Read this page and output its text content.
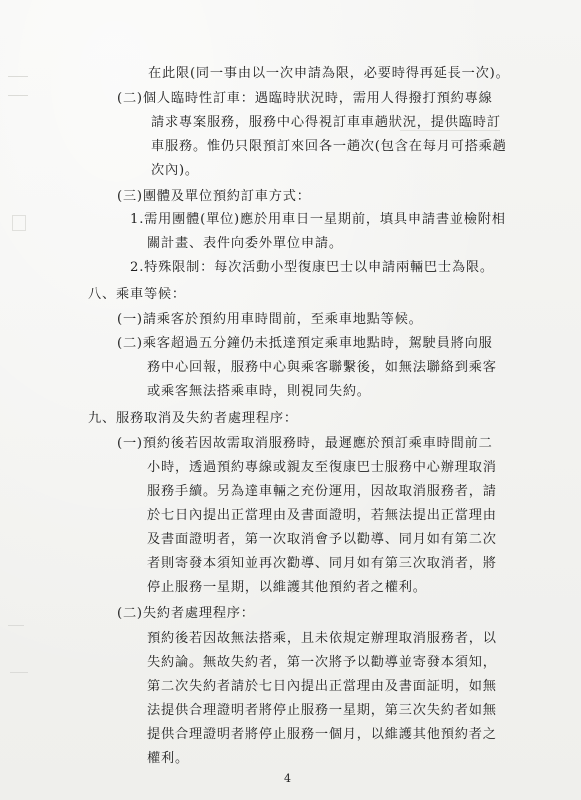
在此限(同一事由以一次申請為限，必要時得再延長一次)。
(二)個人臨時性訂車：遇臨時狀況時，需用人得撥打預約專線
請求專案服務，服務中心得視訂車車趟狀況，提供臨時訂
車服務。惟仍只限預訂來回各一趟次(包含在每月可搭乘趟
次內)。
(三)團體及單位預約訂車方式：
1.需用團體(單位)應於用車日一星期前，填具申請書並檢附相
關計畫、表件向委外單位申請。
2.特殊限制：每次活動小型復康巴士以申請兩輛巴士為限。
八、乘車等候：
(一)請乘客於預約用車時間前，至乘車地點等候。
(二)乘客超過五分鐘仍未抵達預定乘車地點時，駕駛員將向服
務中心回報，服務中心與乘客聯繫後，如無法聯絡到乘客
或乘客無法搭乘車時，則視同失約。
九、服務取消及失約者處理程序：
(一)預約後若因故需取消服務時，最遲應於預訂乘車時間前二
小時，透過預約專線或親友至復康巴士服務中心辦理取消
服務手續。另為達車輛之充份運用，因故取消服務者，請
於七日內提出正當理由及書面證明，若無法提出正當理由
及書面證明者，第一次取消會予以勸導、同月如有第二次
者則寄發本須知並再次勸導、同月如有第三次取消者，將
停止服務一星期，以維護其他預約者之權利。
(二)失約者處理程序：
預約後若因故無法搭乘，且未依規定辦理取消服務者，以
失約論。無故失約者，第一次將予以勸導並寄發本須知，
第二次失約者請於七日內提出正當理由及書面証明，如無
法提供合理證明者將停止服務一星期，第三次失約者如無
提供合理證明者將停止服務一個月，以維護其他預約者之
權利。
4
